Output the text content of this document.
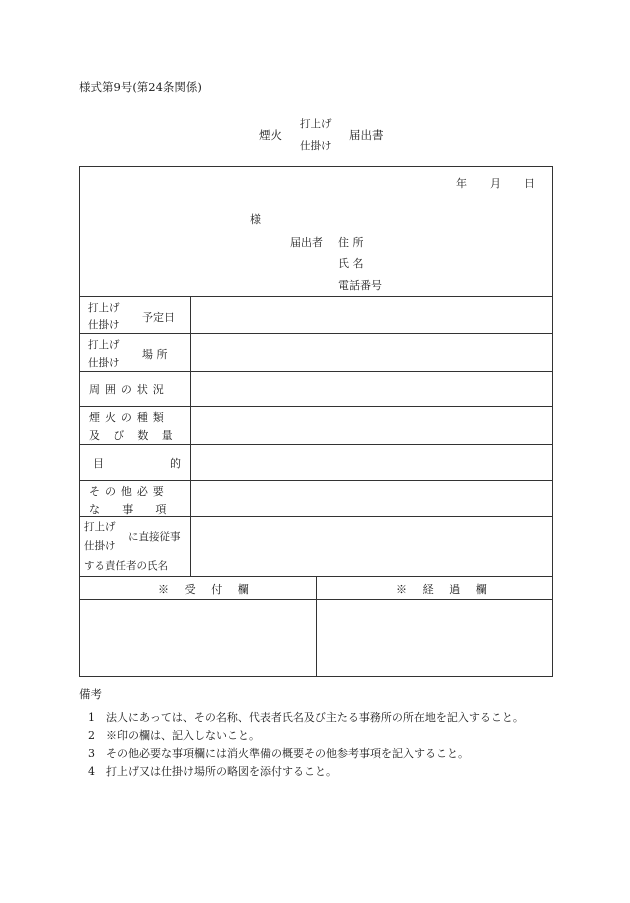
様式第9号(第24条関係)
煙火
打上げ
仕掛け
届出書
年 月 日
様
届出者 住 所
氏 名
電話番号
打上げ
仕掛け
予定日
打上げ
仕掛け
場 所
周囲の状況
煙火の種類
及び数量
目	的
その他必要
な 事 項
打上げ
仕掛け
に直接従事
する責任者の氏名
※ 受 付 欄	※ 経 過 欄
備考
1 法人にあっては、その名称、代表者氏名及び主たる事務所の所在地を記入すること。
2 ※印の欄は、記入しないこと。
3 その他必要な事項欄には消火準備の概要その他参考事項を記入すること。
4 打上げ又は仕掛け場所の略図を添付すること。
